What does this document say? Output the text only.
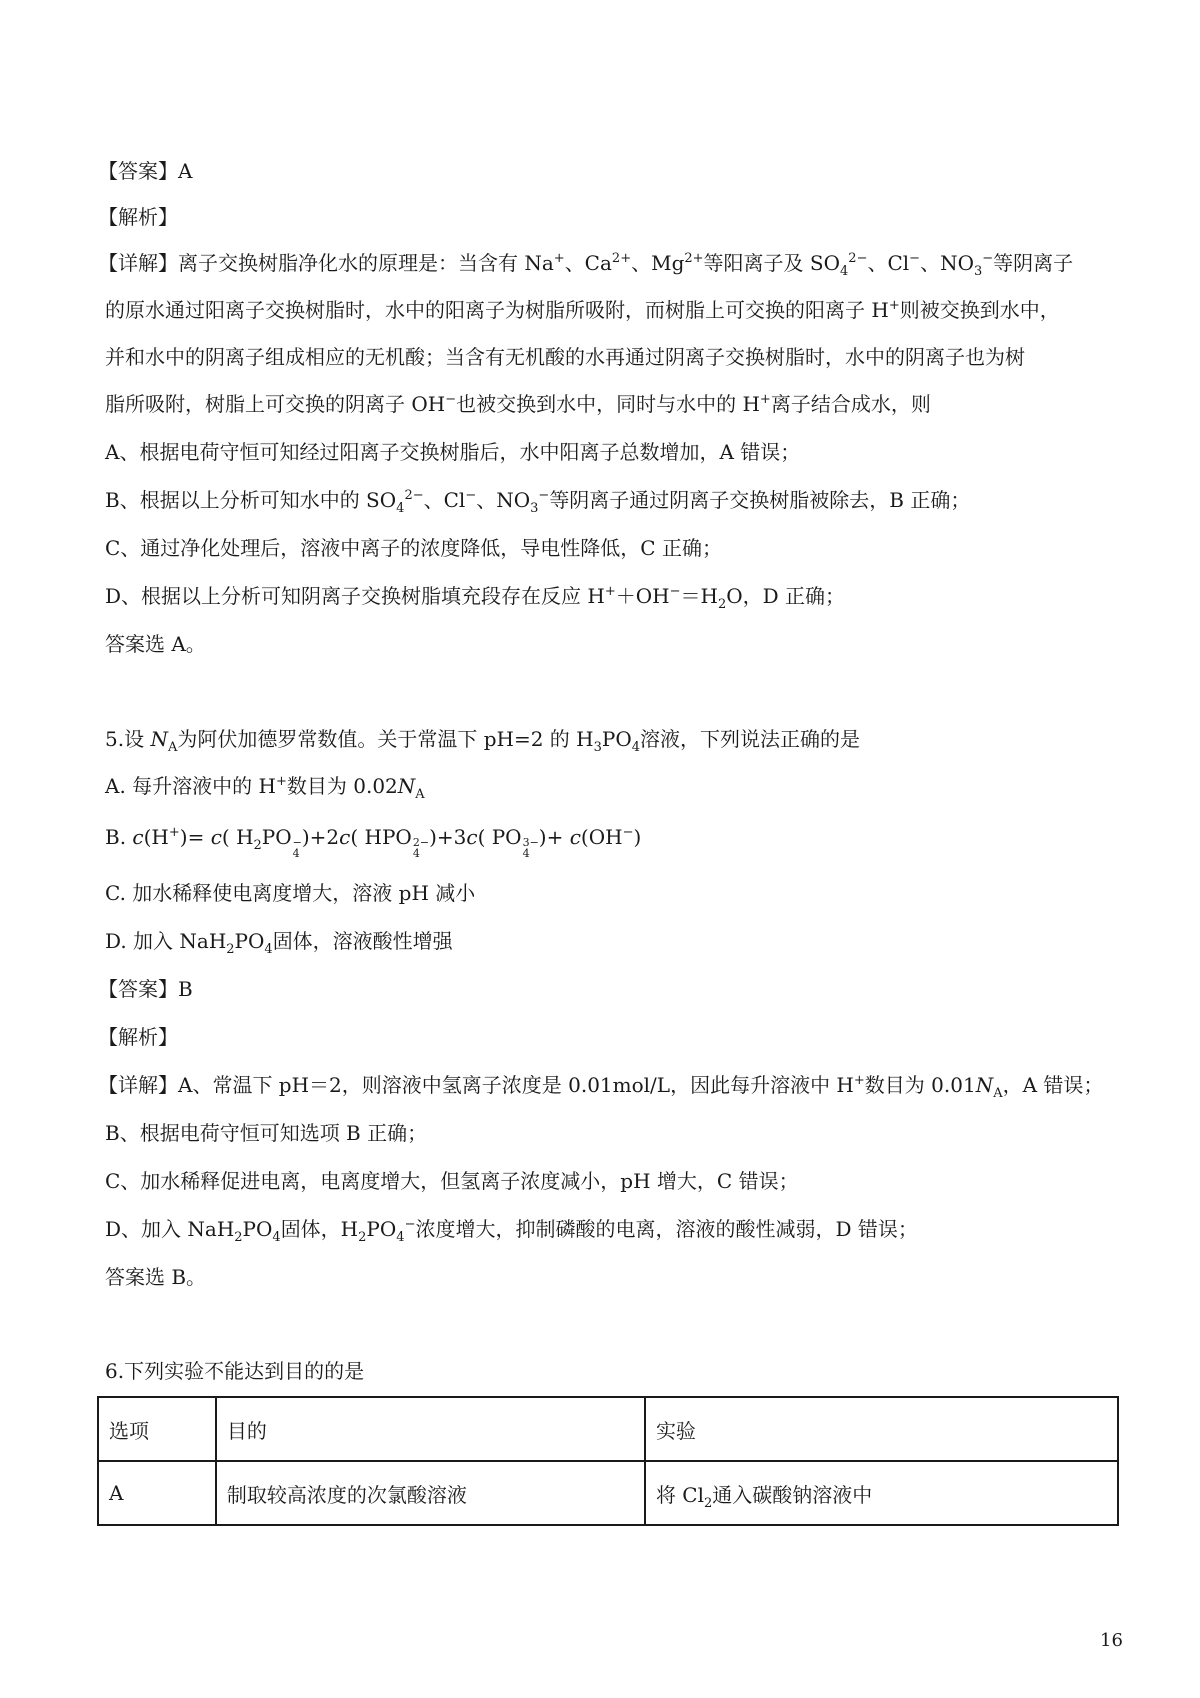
【答案】A
【解析】
【详解】离子交换树脂净化水的原理是：当含有 Na+、$Ca^{2+}$、$Mg^{2+}$等阳离子及 $SO_4^{2-}$、Cl−、$NO_3^-$等阴离子
的原水通过阳离子交换树脂时，水中的阳离子为树脂所吸附，而树脂上可交换的阳离子 H+则被交换到水中，
并和水中的阴离子组成相应的无机酸；当含有无机酸的水再通过阴离子交换树脂时，水中的阴离子也为树
脂所吸附，树脂上可交换的阴离子 OH−也被交换到水中，同时与水中的 H+离子结合成水，则
A、根据电荷守恒可知经过阳离子交换树脂后，水中阳离子总数增加，A 错误；
B、根据以上分析可知水中的 $SO_4^{2-}$、Cl−、$NO_3^-$等阴离子通过阴离子交换树脂被除去，B 正确；
C、通过净化处理后，溶液中离子的浓度降低，导电性降低，C 正确；
D、根据以上分析可知阴离子交换树脂填充段存在反应 $H^++OH^-=H_2O$，D 正确；
答案选 A。
5.设 $N_A$为阿伏加德罗常数值。关于常温下 pH=2 的 $H_3PO_4$溶液，下列说法正确的是
A. 每升溶液中的 H+数目为 $0.02N_A$
B. c(H+)= c( $H_2PO$ −
4
)+2c( HPO 2−
4
)+3c( PO 3−
4
)+ c(OH−)
C. 加水稀释使电离度增大，溶液 pH 减小
D. 加入 $NaH_2PO_4$固体，溶液酸性增强
【答案】B
【解析】
【详解】A、常温下 pH＝2，则溶液中氢离子浓度是 0.01mol/L，因此每升溶液中 H+数目为 $0.01N_A$，A 错误；
B、根据电荷守恒可知选项 B 正确；
C、加水稀释促进电离，电离度增大，但氢离子浓度减小，pH 增大，C 错误；
D、加入 $NaH_2PO_4$固体，$H_2PO_4^-$浓度增大，抑制磷酸的电离，溶液的酸性减弱，D 错误；
答案选 B。
6.下列实验不能达到目的的是
选项	目的	实验
A	制取较高浓度的次氯酸溶液	将 $Cl_2$通入碳酸钠溶液中
16
